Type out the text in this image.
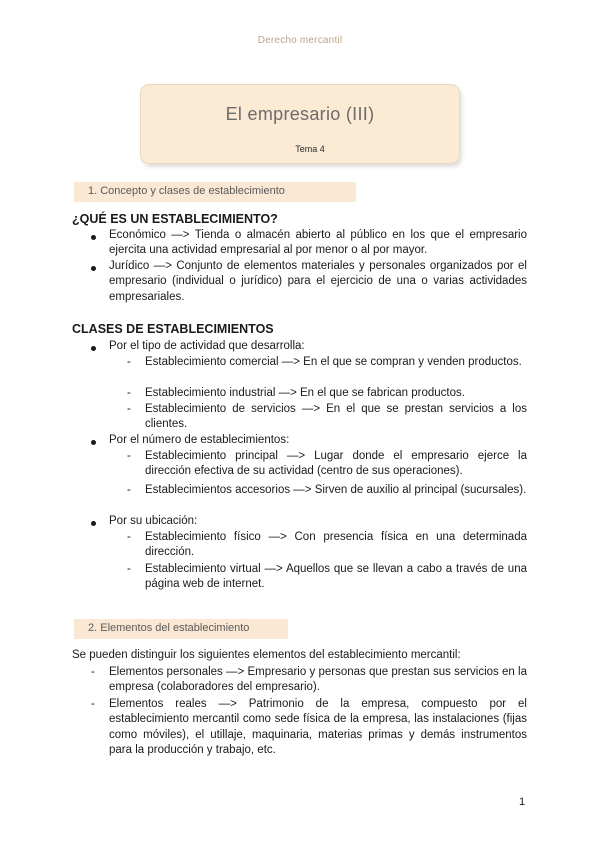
Derecho mercantil
El empresario (III)
Tema 4
1. Concepto y clases de establecimiento
¿QUÉ ES UN ESTABLECIMIENTO?
Económico —> Tienda o almacén abierto al público en los que el empresario ejercita una actividad empresarial al por menor o al por mayor.
Jurídico —> Conjunto de elementos materiales y personales organizados por el empresario (individual o jurídico) para el ejercicio de una o varias actividades empresariales.
CLASES DE ESTABLECIMIENTOS
Por el tipo de actividad que desarrolla:
- Establecimiento comercial —> En el que se compran y venden productos.
- Establecimiento industrial —> En el que se fabrican productos.
- Establecimiento de servicios —> En el que se prestan servicios a los clientes.
Por el número de establecimientos:
- Establecimiento principal —> Lugar donde el empresario ejerce la dirección efectiva de su actividad (centro de sus operaciones).
- Establecimientos accesorios —> Sirven de auxilio al principal (sucursales).
Por su ubicación:
- Establecimiento físico —> Con presencia física en una determinada dirección.
- Establecimiento virtual —> Aquellos que se llevan a cabo a través de una página web de internet.
2. Elementos del establecimiento
Se pueden distinguir los siguientes elementos del establecimiento mercantil:
- Elementos personales —> Empresario y personas que prestan sus servicios en la empresa (colaboradores del empresario).
- Elementos reales —> Patrimonio de la empresa, compuesto por el establecimiento mercantil como sede física de la empresa, las instalaciones (fijas como móviles), el utillaje, maquinaria, materias primas y demás instrumentos para la producción y trabajo, etc.
1
